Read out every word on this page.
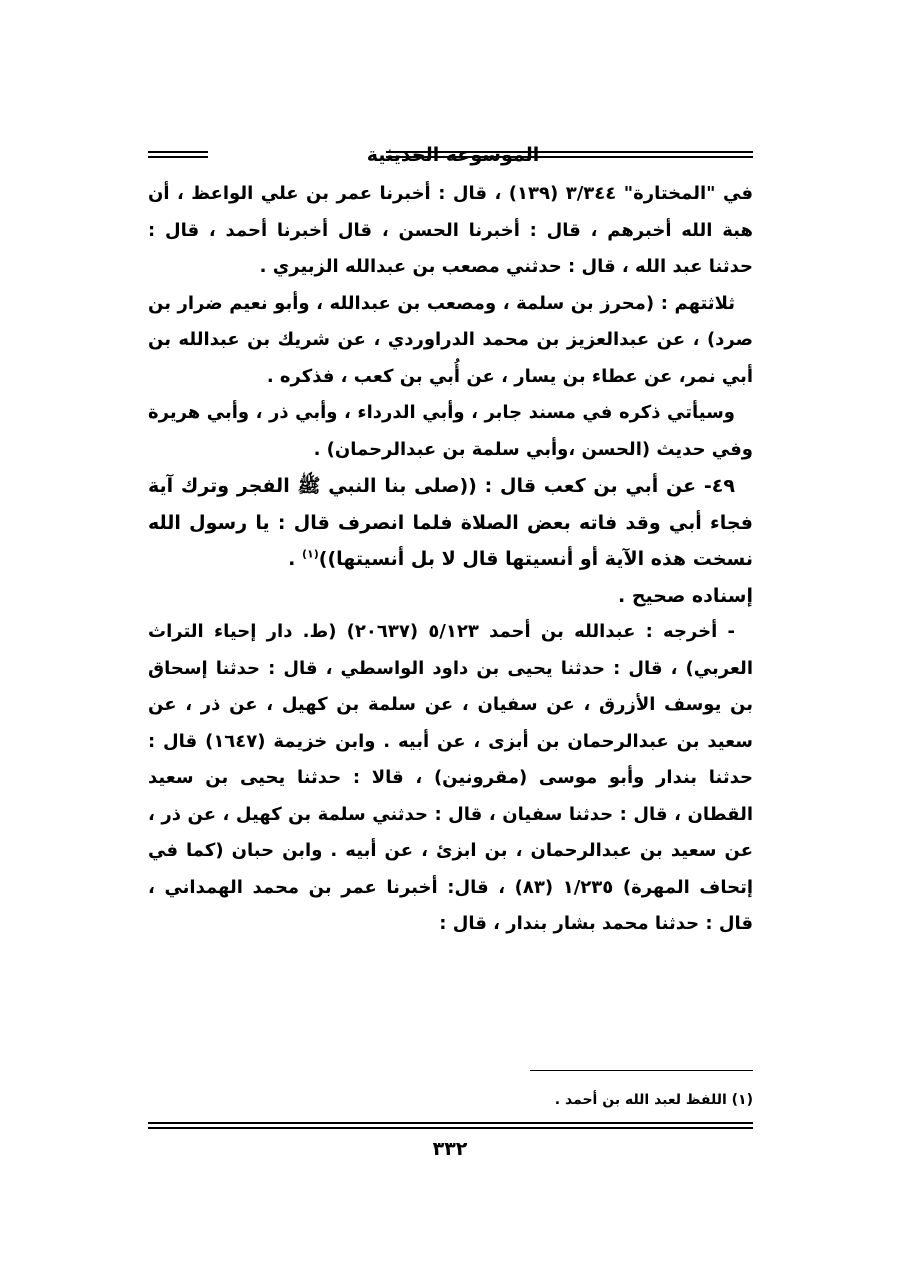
الموسوعة الحديثية

في "المختارة" ٣/٣٤٤ (١٣٩) ، قال : أخبرنا عمر بن علي الواعظ ، أن هبة الله أخبرهم ، قال : أخبرنا الحسن ، قال أخبرنا أحمد ، قال : حدثنا عبد الله ، قال : حدثني مصعب بن عبدالله الزبيري .

ثلاثتهم : (محرز بن سلمة ، ومصعب بن عبدالله ، وأبو نعيم ضرار بن صرد) ، عن عبدالعزيز بن محمد الدراوردي ، عن شريك بن عبدالله بن أبي نمر، عن عطاء بن يسار ، عن أُبي بن كعب ، فذكره .

وسيأتي ذكره في مسند جابر ، وأبي الدرداء ، وأبي ذر ، وأبي هريرة وفي حديث (الحسن ،وأبي سلمة بن عبدالرحمان) .

٤٩- عن أبي بن كعب قال : ((صلى بنا النبي ﷺ الفجر وترك آية فجاء أبي وقد فاته بعض الصلاة فلما انصرف قال : يا رسول الله نسخت هذه الآية أو أنسيتها قال لا بل أنسيتها))$^{(١)}$ .

إسناده صحيح .

- أخرجه : عبدالله بن أحمد ٥/١٢٣ (٢٠٦٣٧) (ط. دار إحياء التراث العربي) ، قال : حدثنا يحيى بن داود الواسطي ، قال : حدثنا إسحاق بن يوسف الأزرق ، عن سفيان ، عن سلمة بن كهيل ، عن ذر ، عن سعيد بن عبدالرحمان بن أبزى ، عن أبيه . وابن خزيمة (١٦٤٧) قال : حدثنا بندار وأبو موسى (مقرونين) ، قالا : حدثنا يحيى بن سعيد القطان ، قال : حدثنا سفيان ، قال : حدثني سلمة بن كهيل ، عن ذر ، عن سعيد بن عبدالرحمان ، بن ابزئ ، عن أبيه . وابن حبان (كما في إتحاف المهرة) ١/٢٣٥ (٨٣) ، قال: أخبرنا عمر بن محمد الهمداني ، قال : حدثنا محمد بشار بندار ، قال :

(١) اللفظ لعبد الله بن أحمد .
٣٣٢
